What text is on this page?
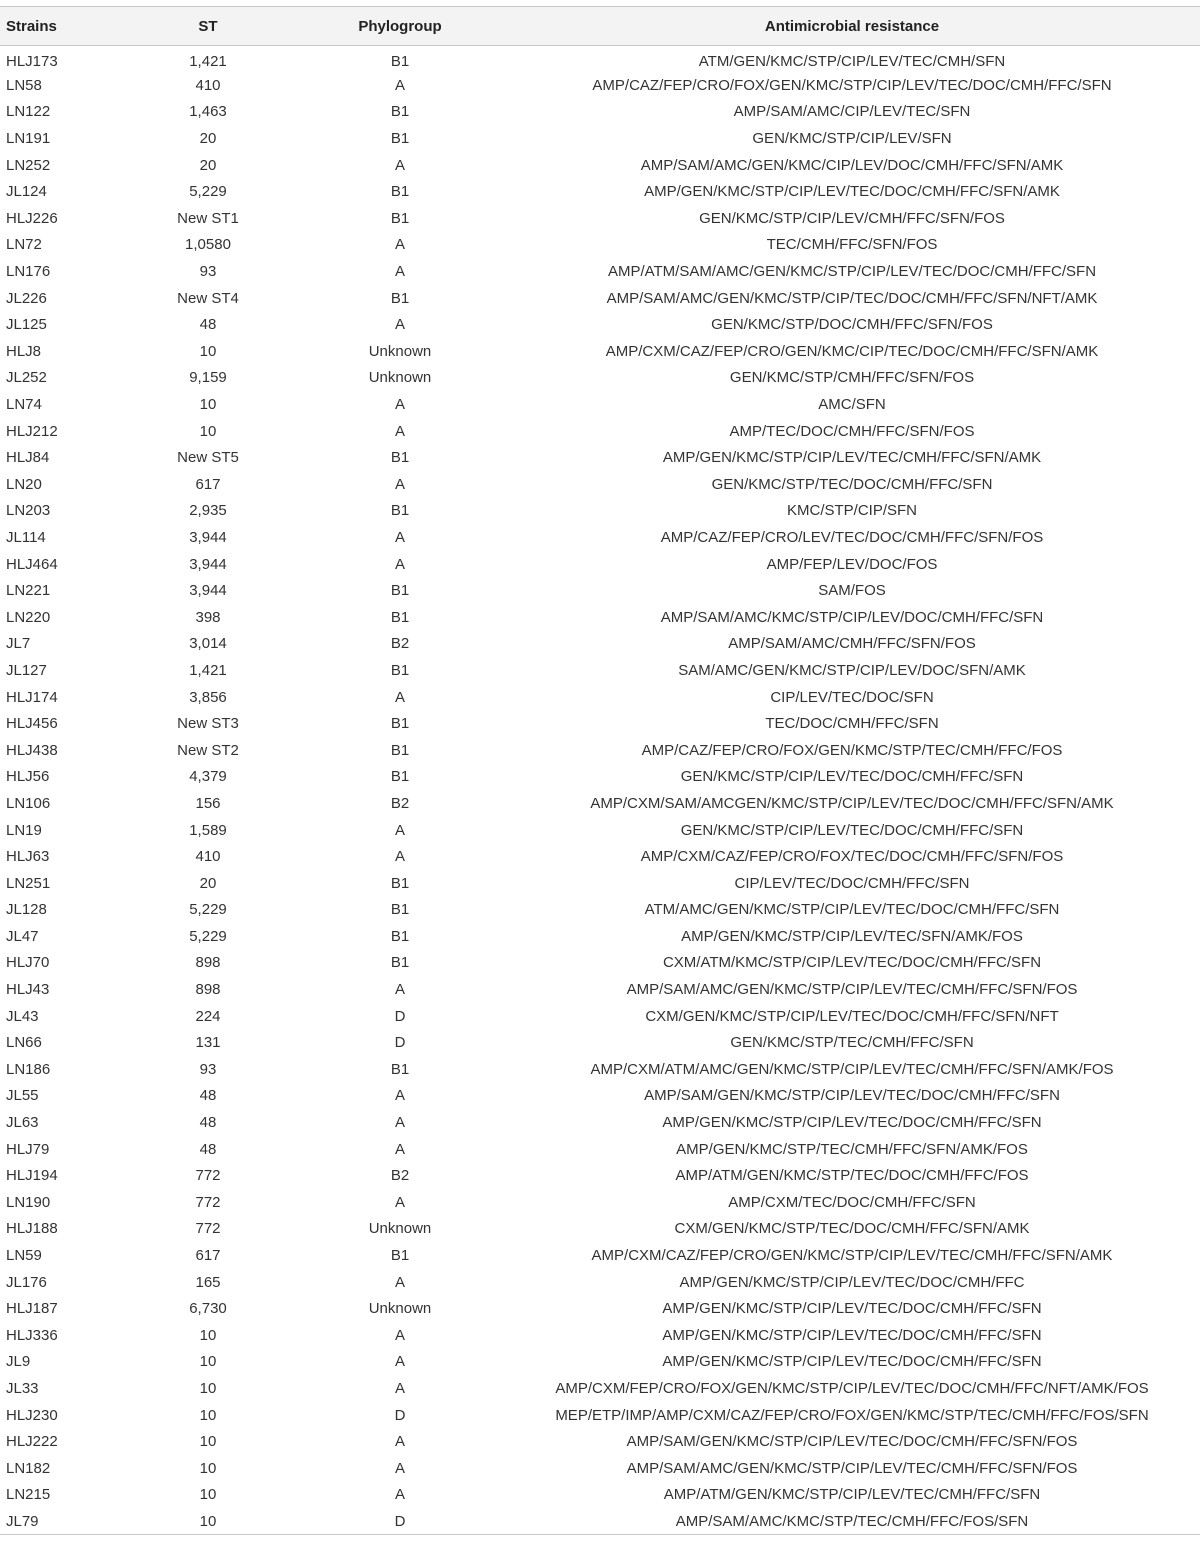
Strains	ST	Phylogroup	Antimicrobial resistance
HLJ173	1,421	B1	ATM/GEN/KMC/STP/CIP/LEV/TEC/CMH/SFN
LN58	410	A	AMP/CAZ/FEP/CRO/FOX/GEN/KMC/STP/CIP/LEV/TEC/DOC/CMH/FFC/SFN
LN122	1,463	B1	AMP/SAM/AMC/CIP/LEV/TEC/SFN
LN191	20	B1	GEN/KMC/STP/CIP/LEV/SFN
LN252	20	A	AMP/SAM/AMC/GEN/KMC/CIP/LEV/DOC/CMH/FFC/SFN/AMK
JL124	5,229	B1	AMP/GEN/KMC/STP/CIP/LEV/TEC/DOC/CMH/FFC/SFN/AMK
HLJ226	New ST1	B1	GEN/KMC/STP/CIP/LEV/CMH/FFC/SFN/FOS
LN72	1,0580	A	TEC/CMH/FFC/SFN/FOS
LN176	93	A	AMP/ATM/SAM/AMC/GEN/KMC/STP/CIP/LEV/TEC/DOC/CMH/FFC/SFN
JL226	New ST4	B1	AMP/SAM/AMC/GEN/KMC/STP/CIP/TEC/DOC/CMH/FFC/SFN/NFT/AMK
JL125	48	A	GEN/KMC/STP/DOC/CMH/FFC/SFN/FOS
HLJ8	10	Unknown	AMP/CXM/CAZ/FEP/CRO/GEN/KMC/CIP/TEC/DOC/CMH/FFC/SFN/AMK
JL252	9,159	Unknown	GEN/KMC/STP/CMH/FFC/SFN/FOS
LN74	10	A	AMC/SFN
HLJ212	10	A	AMP/TEC/DOC/CMH/FFC/SFN/FOS
HLJ84	New ST5	B1	AMP/GEN/KMC/STP/CIP/LEV/TEC/CMH/FFC/SFN/AMK
LN20	617	A	GEN/KMC/STP/TEC/DOC/CMH/FFC/SFN
LN203	2,935	B1	KMC/STP/CIP/SFN
JL114	3,944	A	AMP/CAZ/FEP/CRO/LEV/TEC/DOC/CMH/FFC/SFN/FOS
HLJ464	3,944	A	AMP/FEP/LEV/DOC/FOS
LN221	3,944	B1	SAM/FOS
LN220	398	B1	AMP/SAM/AMC/KMC/STP/CIP/LEV/DOC/CMH/FFC/SFN
JL7	3,014	B2	AMP/SAM/AMC/CMH/FFC/SFN/FOS
JL127	1,421	B1	SAM/AMC/GEN/KMC/STP/CIP/LEV/DOC/SFN/AMK
HLJ174	3,856	A	CIP/LEV/TEC/DOC/SFN
HLJ456	New ST3	B1	TEC/DOC/CMH/FFC/SFN
HLJ438	New ST2	B1	AMP/CAZ/FEP/CRO/FOX/GEN/KMC/STP/TEC/CMH/FFC/FOS
HLJ56	4,379	B1	GEN/KMC/STP/CIP/LEV/TEC/DOC/CMH/FFC/SFN
LN106	156	B2	AMP/CXM/SAM/AMCGEN/KMC/STP/CIP/LEV/TEC/DOC/CMH/FFC/SFN/AMK
LN19	1,589	A	GEN/KMC/STP/CIP/LEV/TEC/DOC/CMH/FFC/SFN
HLJ63	410	A	AMP/CXM/CAZ/FEP/CRO/FOX/TEC/DOC/CMH/FFC/SFN/FOS
LN251	20	B1	CIP/LEV/TEC/DOC/CMH/FFC/SFN
JL128	5,229	B1	ATM/AMC/GEN/KMC/STP/CIP/LEV/TEC/DOC/CMH/FFC/SFN
JL47	5,229	B1	AMP/GEN/KMC/STP/CIP/LEV/TEC/SFN/AMK/FOS
HLJ70	898	B1	CXM/ATM/KMC/STP/CIP/LEV/TEC/DOC/CMH/FFC/SFN
HLJ43	898	A	AMP/SAM/AMC/GEN/KMC/STP/CIP/LEV/TEC/CMH/FFC/SFN/FOS
JL43	224	D	CXM/GEN/KMC/STP/CIP/LEV/TEC/DOC/CMH/FFC/SFN/NFT
LN66	131	D	GEN/KMC/STP/TEC/CMH/FFC/SFN
LN186	93	B1	AMP/CXM/ATM/AMC/GEN/KMC/STP/CIP/LEV/TEC/CMH/FFC/SFN/AMK/FOS
JL55	48	A	AMP/SAM/GEN/KMC/STP/CIP/LEV/TEC/DOC/CMH/FFC/SFN
JL63	48	A	AMP/GEN/KMC/STP/CIP/LEV/TEC/DOC/CMH/FFC/SFN
HLJ79	48	A	AMP/GEN/KMC/STP/TEC/CMH/FFC/SFN/AMK/FOS
HLJ194	772	B2	AMP/ATM/GEN/KMC/STP/TEC/DOC/CMH/FFC/FOS
LN190	772	A	AMP/CXM/TEC/DOC/CMH/FFC/SFN
HLJ188	772	Unknown	CXM/GEN/KMC/STP/TEC/DOC/CMH/FFC/SFN/AMK
LN59	617	B1	AMP/CXM/CAZ/FEP/CRO/GEN/KMC/STP/CIP/LEV/TEC/CMH/FFC/SFN/AMK
JL176	165	A	AMP/GEN/KMC/STP/CIP/LEV/TEC/DOC/CMH/FFC
HLJ187	6,730	Unknown	AMP/GEN/KMC/STP/CIP/LEV/TEC/DOC/CMH/FFC/SFN
HLJ336	10	A	AMP/GEN/KMC/STP/CIP/LEV/TEC/DOC/CMH/FFC/SFN
JL9	10	A	AMP/GEN/KMC/STP/CIP/LEV/TEC/DOC/CMH/FFC/SFN
JL33	10	A	AMP/CXM/FEP/CRO/FOX/GEN/KMC/STP/CIP/LEV/TEC/DOC/CMH/FFC/NFT/AMK/FOS
HLJ230	10	D	MEP/ETP/IMP/AMP/CXM/CAZ/FEP/CRO/FOX/GEN/KMC/STP/TEC/CMH/FFC/FOS/SFN
HLJ222	10	A	AMP/SAM/GEN/KMC/STP/CIP/LEV/TEC/DOC/CMH/FFC/SFN/FOS
LN182	10	A	AMP/SAM/AMC/GEN/KMC/STP/CIP/LEV/TEC/CMH/FFC/SFN/FOS
LN215	10	A	AMP/ATM/GEN/KMC/STP/CIP/LEV/TEC/CMH/FFC/SFN
JL79	10	D	AMP/SAM/AMC/KMC/STP/TEC/CMH/FFC/FOS/SFN
